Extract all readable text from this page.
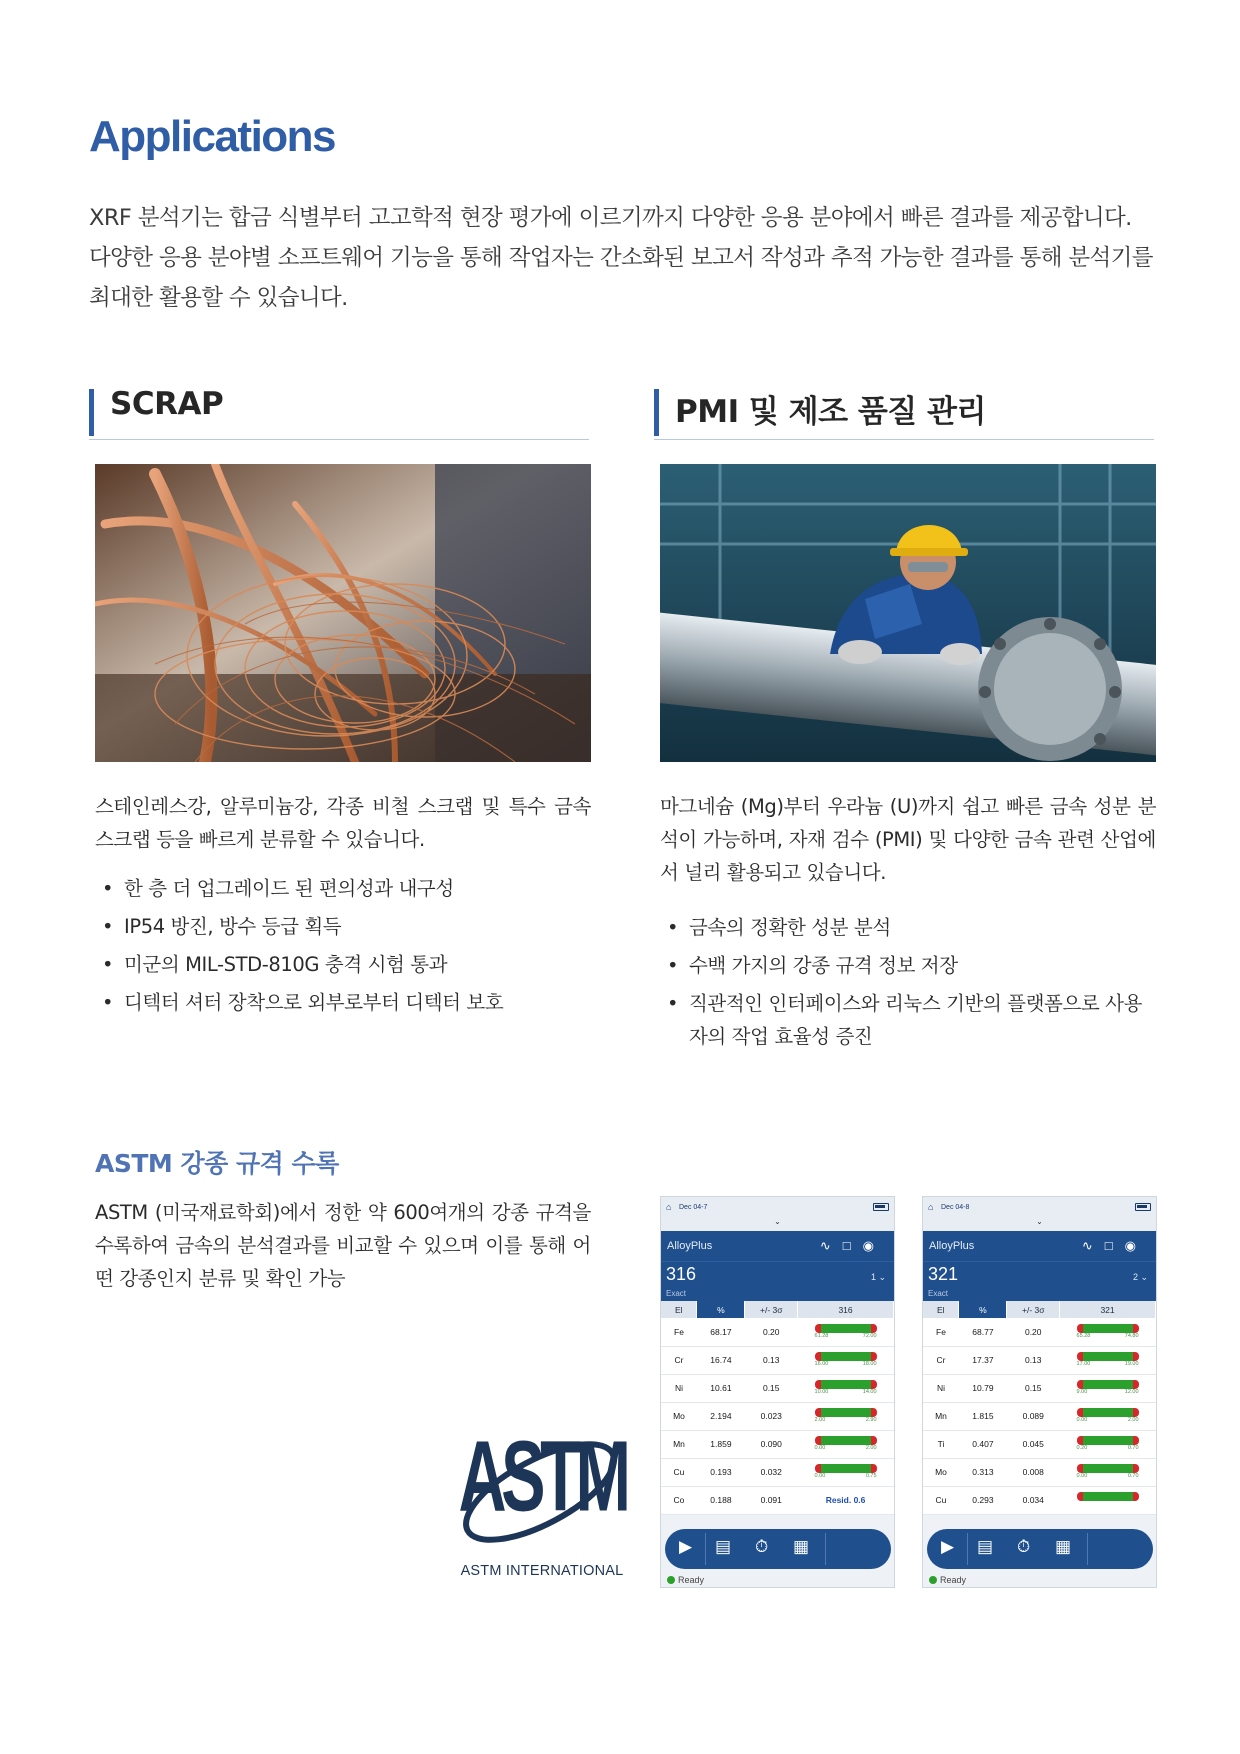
Applications

XRF 분석기는 합금 식별부터 고고학적 현장 평가에 이르기까지 다양한 응용 분야에서 빠른 결과를 제공합니다.

다양한 응용 분야별 소프트웨어 기능을 통해 작업자는 간소화된 보고서 작성과 추적 가능한 결과를 통해 분석기를

최대한 활용할 수 있습니다.

SCRAP	PMI 및 제조 품질 관리

스테인레스강, 알루미늄강, 각종 비철 스크랩 및 특수 금속 스크랩 등을 빠르게 분류할 수 있습니다.

• 한 층 더 업그레이드 된 편의성과 내구성
• IP54 방진, 방수 등급 획득
• 미군의 MIL-STD-810G 충격 시험 통과
• 디텍터 셔터 장착으로 외부로부터 디텍터 보호

마그네슘 (Mg)부터 우라늄 (U)까지 쉽고 빠른 금속 성분 분석이 가능하며, 자재 검수 (PMI) 및 다양한 금속 관련 산업에서 널리 활용되고 있습니다.

• 금속의 정확한 성분 분석
• 수백 가지의 강종 규격 정보 저장
• 직관적인 인터페이스와 리눅스 기반의 플랫폼으로 사용자의 작업 효율성 증진
ASTM 강종 규격 수록

ASTM (미국재료학회)에서 정한 약 600여개의 강종 규격을 수록하여 금속의 분석결과를 비교할 수 있으며 이를 통해 어떤 강종인지 분류 및 확인 가능

ASTM
ASTM INTERNATIONAL
⌂ Dec 04-7
⌄
AlloyPlus	∿□◉
316
Exact
1 ⌄
El	%	+/- 3σ	316
Fe	68.17	0.20	61.28 72.00

Cr	16.74	0.13	16.00 18.00

Ni	10.61	0.15	10.00 14.00

Mo	2.194	0.023	2.00 2.90

Mn	1.859	0.090	0.00 2.00

Cu	0.193	0.032	0.00 0.75

Co	0.188	0.091	Resid. 0.6
▶ ▤ ⏱ ▦
Ready
⌂ Dec 04-8
⌄
AlloyPlus	∿□◉
321
Exact
2 ⌄
El	%	+/- 3σ	321
Fe	68.77	0.20	65.28 74.80

Cr	17.37	0.13	17.00 19.00

Ni	10.79	0.15	9.00 12.00

Mn	1.815	0.089	0.00 2.00

Ti	0.407	0.045	0.20 0.70

Mo	0.313	0.008	0.00 0.70

Cu	0.293	0.034	
▶ ▤ ⏱ ▦
Ready
